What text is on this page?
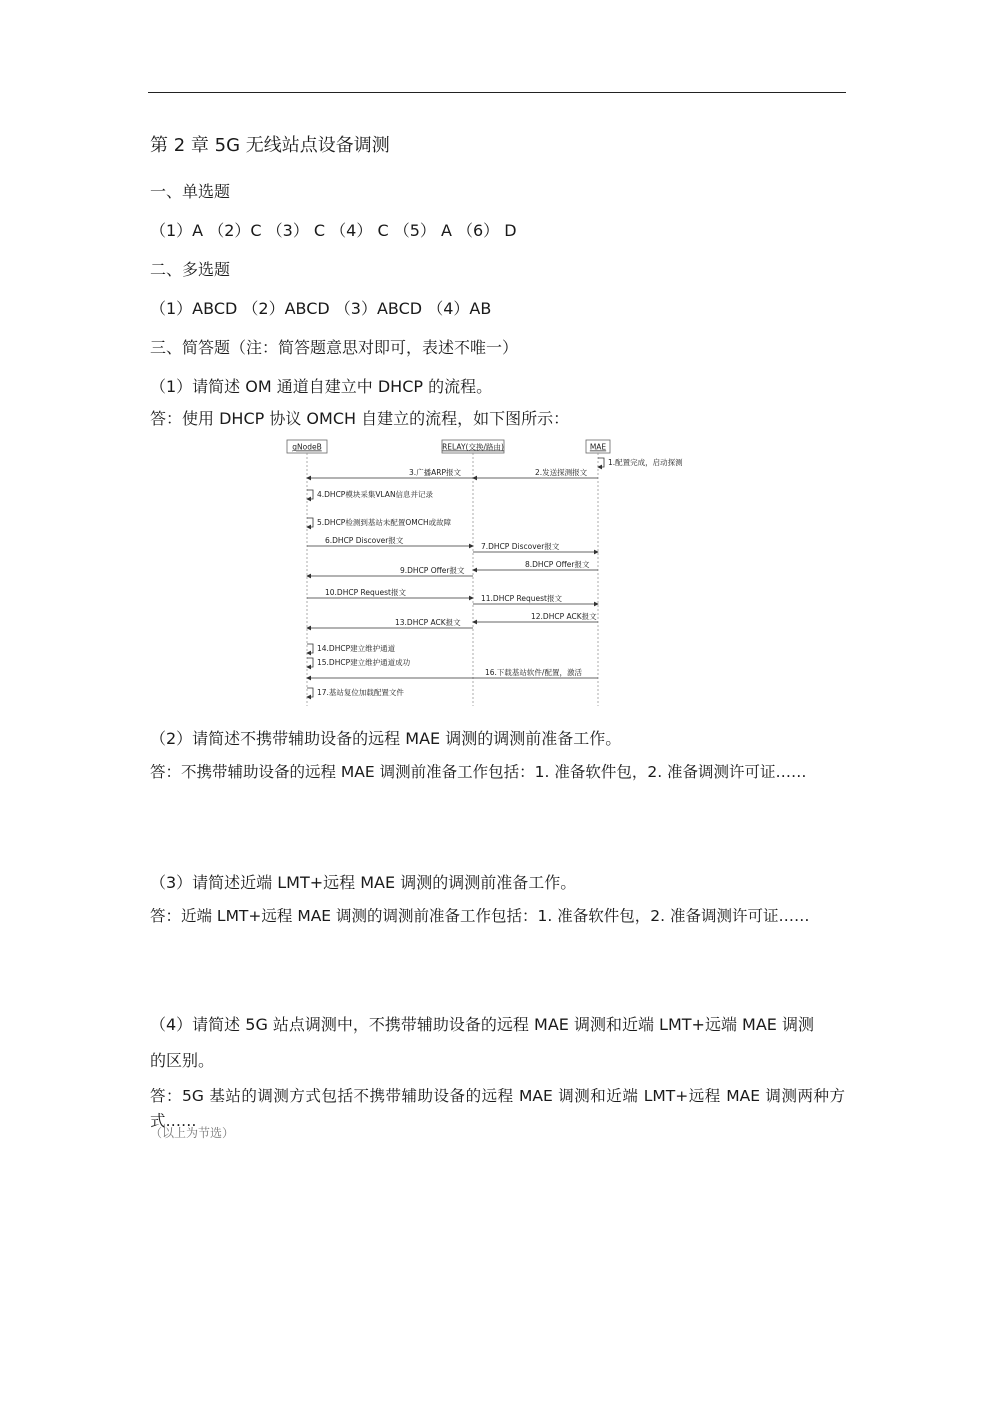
第 2 章 5G 无线站点设备调测
一、单选题
（1）A （2）C （3） C （4） C （5） A （6） D
二、多选题
（1）ABCD （2）ABCD （3）ABCD （4）AB
三、简答题（注：简答题意思对即可，表述不唯一）
（1）请简述 OM 通道自建立中 DHCP 的流程。
答：使用 DHCP 协议 OMCH 自建立的流程，如下图所示：
（2）请简述不携带辅助设备的远程 MAE 调测的调测前准备工作。
答：不携带辅助设备的远程 MAE 调测前准备工作包括：1. 准备软件包，2. 准备调测许可证……
（3）请简述近端 LMT+远程 MAE 调测的调测前准备工作。
答：近端 LMT+远程 MAE 调测的调测前准备工作包括：1. 准备软件包，2. 准备调测许可证……
（4）请简述 5G 站点调测中，不携带辅助设备的远程 MAE 调测和近端 LMT+远端 MAE 调测
的区别。
答：5G 基站的调测方式包括不携带辅助设备的远程 MAE 调测和近端 LMT+远程 MAE 调测两种方式……
（以上为节选）
gNodeB	RELAY(交换/路由)	MAE
1.配置完成，启动探测
2.发送探测报文
3.广播ARP报文
4.DHCP模块采集VLAN信息并记录
5.DHCP检测到基站未配置OMCH或故障
6.DHCP Discover报文
7.DHCP Discover报文
8.DHCP Offer报文
9.DHCP Offer报文
10.DHCP Request报文
11.DHCP Request报文
12.DHCP ACK报文
13.DHCP ACK报文
14.DHCP建立维护通道
15.DHCP建立维护通道成功
16.下载基站软件/配置，激活
17.基站复位加载配置文件
